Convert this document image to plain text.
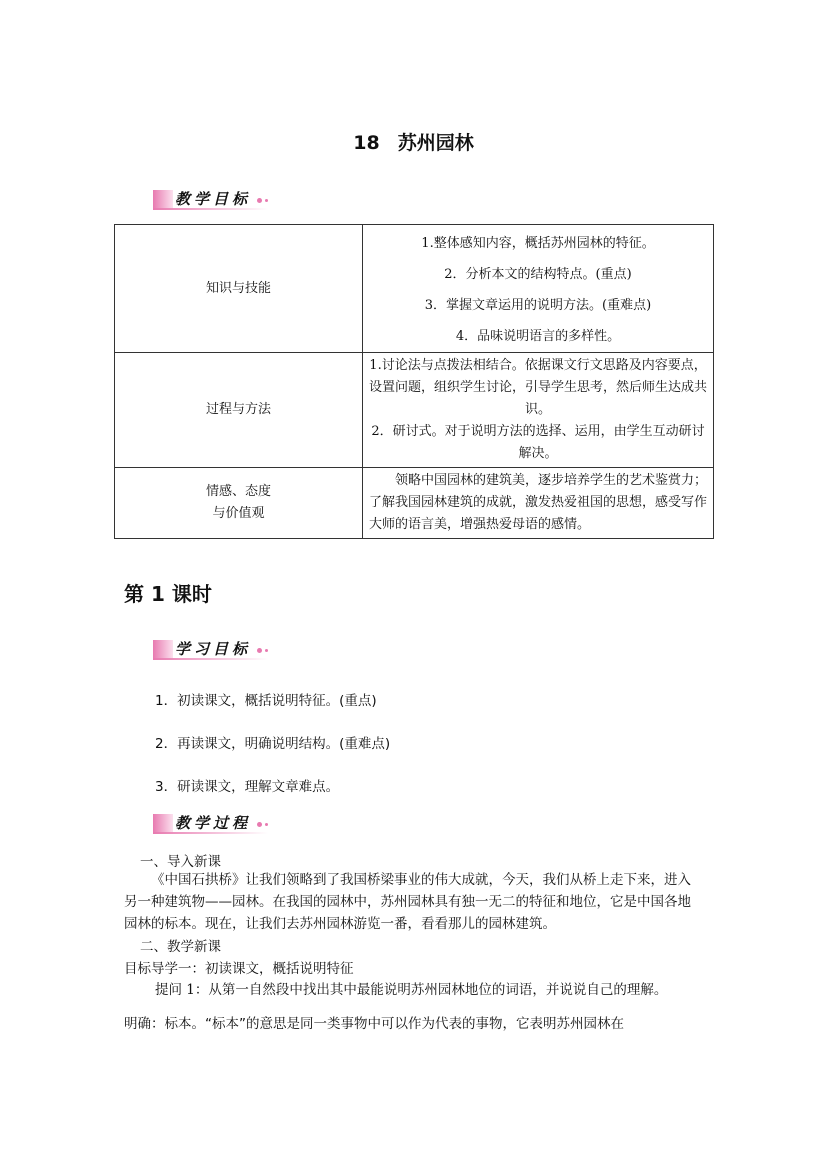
18 苏州园林
教学目标
知识与技能	1.整体感知内容，概括苏州园林的特征。

2．分析本文的结构特点。(重点)

3．掌握文章运用的说明方法。(重难点)

4．品味说明语言的多样性。

过程与方法	1.讨论法与点拨法相结合。依据课文行文思路及内容要点，设置问题，组织学生讨论，引导学生思考，然后师生达成共识。
2．研讨式。对于说明方法的选择、运用，由学生互动研讨解决。

情感、态度
与价值观	领略中国园林的建筑美，逐步培养学生的艺术鉴赏力；了解我国园林建筑的成就，激发热爱祖国的思想，感受写作大师的语言美，增强热爱母语的感情。
第 1 课时
学习目标
1．初读课文，概括说明特征。(重点)
2．再读课文，明确说明结构。(重难点)
3．研读课文，理解文章难点。
教学过程
一、导入新课
《中国石拱桥》让我们领略到了我国桥梁事业的伟大成就，今天，我们从桥上走下来，进入另一种建筑物——园林。在我国的园林中，苏州园林具有独一无二的特征和地位，它是中国各地园林的标本。现在，让我们去苏州园林游览一番，看看那儿的园林建筑。
二、教学新课
目标导学一：初读课文，概括说明特征
提问 1：从第一自然段中找出其中最能说明苏州园林地位的词语，并说说自己的理解。
明确：标本。“标本”的意思是同一类事物中可以作为代表的事物，它表明苏州园林在
